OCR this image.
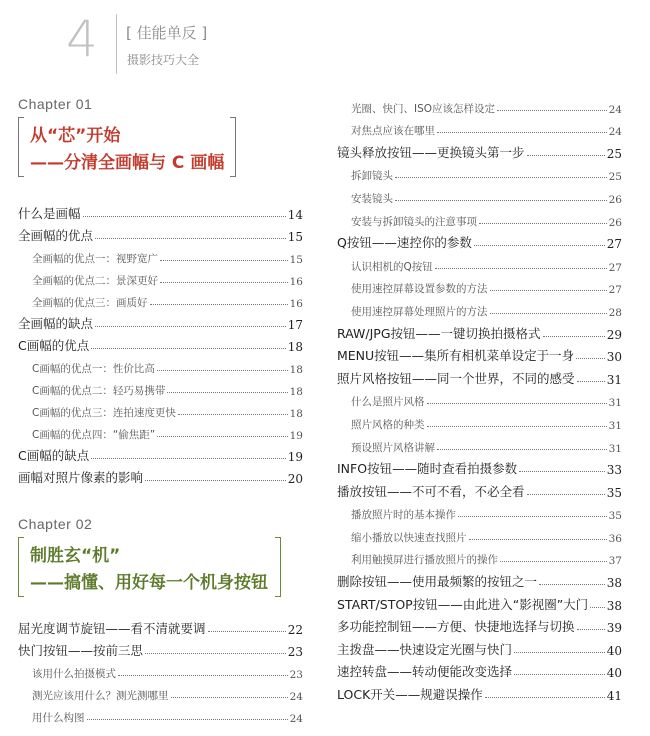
4 [ 佳能单反 ]
摄影技巧大全
Chapter 01
从“芯”开始
——分清全画幅与 C 画幅
什么是画幅	14
全画幅的优点	15
全画幅的优点一：视野宽广	15
全画幅的优点二：景深更好	16
全画幅的优点三：画质好	16
全画幅的缺点	17
C画幅的优点	18
C画幅的优点一：性价比高	18
C画幅的优点二：轻巧易携带	18
C画幅的优点三：连拍速度更快	18
C画幅的优点四：“偷焦距”	19
C画幅的缺点	19
画幅对照片像素的影响	20
Chapter 02
制胜玄“机”
——搞懂、用好每一个机身按钮
屈光度调节旋钮——看不清就要调	22
快门按钮——按前三思	23
该用什么拍摄模式	23
测光应该用什么？测光测哪里	24
用什么构图	24
光圈、快门、ISO应该怎样设定	24
对焦点应该在哪里	24
镜头释放按钮——更换镜头第一步	25
拆卸镜头	25
安装镜头	26
安装与拆卸镜头的注意事项	26
Q按钮——速控你的参数	27
认识相机的Q按钮	27
使用速控屏幕设置参数的方法	27
使用速控屏幕处理照片的方法	28
RAW/JPG按钮——一键切换拍摄格式	29
MENU按钮——集所有相机菜单设定于一身	30
照片风格按钮——同一个世界，不同的感受	31
什么是照片风格	31
照片风格的种类	31
预设照片风格讲解	31
INFO按钮——随时查看拍摄参数	33
播放按钮——不可不看，不必全看	35
播放照片时的基本操作	35
缩小播放以快速查找照片	36
利用触摸屏进行播放照片的操作	37
删除按钮——使用最频繁的按钮之一	38
START/STOP按钮——由此进入“影视圈”大门 38
多功能控制钮——方便、快捷地选择与切换	39
主拨盘——快速设定光圈与快门	40
速控转盘——转动便能改变选择	40
LOCK开关——规避误操作	41
